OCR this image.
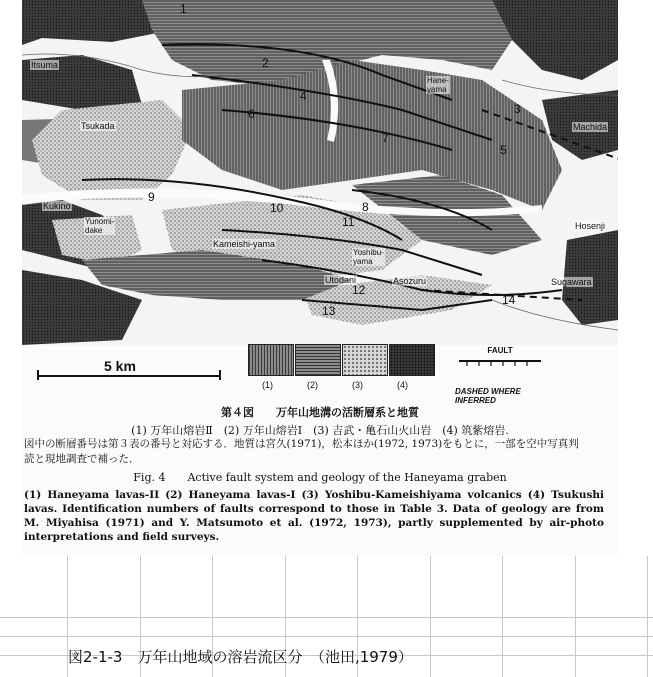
Itsuma
Hane-
yama
Machida
Tsukada
Kukino
Yunomi-
dake
Kameishi-yama
Yoshibu-
yama
Hosenji
Utodani	Asozuru	Sugawara
1
2
3
4
5
6
7
8
9
10
11
12
13
14
5 km
(1)	(2)	(3)	(4)
FAULT
DASHED WHERE INFERRED
第４図　　万年山地溝の活断層系と地質
(1) 万年山熔岩Ⅱ　(2) 万年山熔岩Ⅰ　(3) 吉武・亀石山火山岩　(4) 筑紫熔岩.
図中の断層番号は第３表の番号と対応する．地質は宮久(1971)，松本ほか(1972, 1973)をもとに，一部を空中写真判読と現地調査で補った．
Fig. 4　　Active fault system and geology of the Haneyama graben
(1) Haneyama lavas-II (2) Haneyama lavas-I (3) Yoshibu-Kameishiyama volcanics (4) Tsukushi lavas. Identification numbers of faults correspond to those in Table 3. Data of geology are from M. Miyahisa (1971) and Y. Matsumoto et al. (1972, 1973), partly supplemented by air-photo interpretations and field surveys.
図2-1-3　万年山地域の溶岩流区分　（池田,1979）
